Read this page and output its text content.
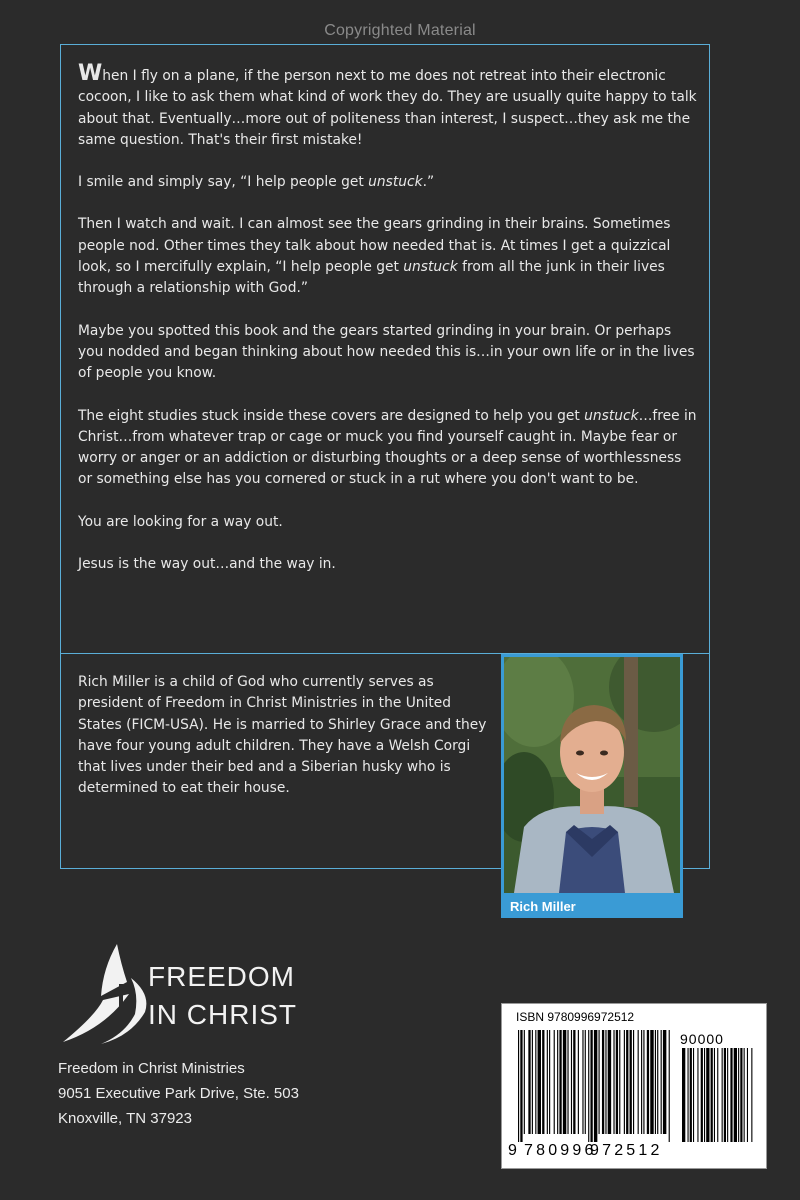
Copyrighted Material

When I fly on a plane, if the person next to me does not retreat into their electronic cocoon, I like to ask them what kind of work they do. They are usually quite happy to talk about that. Eventually…more out of politeness than interest, I suspect…they ask me the same question. That's their first mistake!

I smile and simply say, “I help people get unstuck.”

Then I watch and wait. I can almost see the gears grinding in their brains. Sometimes people nod. Other times they talk about how needed that is. At times I get a quizzical look, so I mercifully explain, “I help people get unstuck from all the junk in their lives through a relationship with God.”

Maybe you spotted this book and the gears started grinding in your brain. Or perhaps you nodded and began thinking about how needed this is…in your own life or in the lives of people you know.

The eight studies stuck inside these covers are designed to help you get unstuck…free in Christ…from whatever trap or cage or muck you find yourself caught in. Maybe fear or worry or anger or an addiction or disturbing thoughts or a deep sense of worthlessness or something else has you cornered or stuck in a rut where you don't want to be.

You are looking for a way out.

Jesus is the way out…and the way in.

Rich Miller is a child of God who currently serves as president of Freedom in Christ Ministries in the United States (FICM-USA). He is married to Shirley Grace and they have four young adult children. They have a Welsh Corgi that lives under their bed and a Siberian husky who is determined to eat their house.
Rich Miller
FREEDOM
IN CHRIST
Freedom in Christ Ministries
9051 Executive Park Drive, Ste. 503
Knoxville, TN 37923
ISBN 9780996972512
90000
9 780996
972512
